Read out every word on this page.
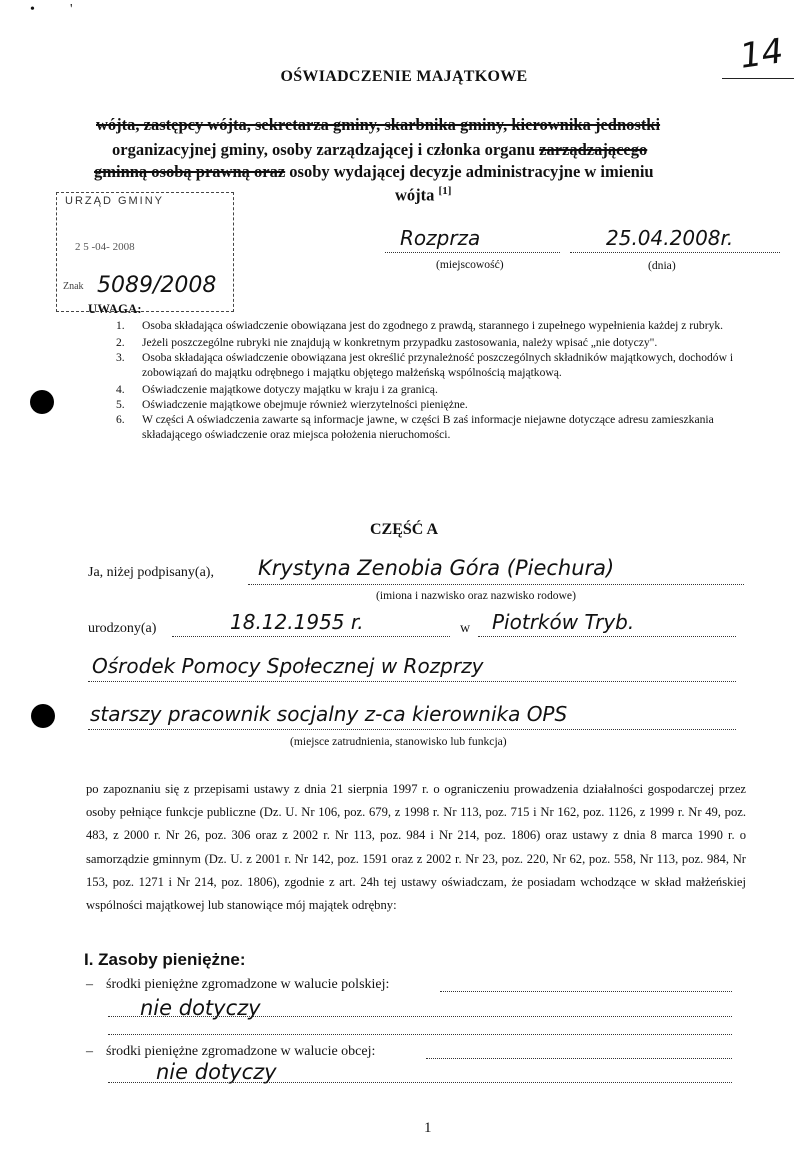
•	'
14
OŚWIADCZENIE MAJĄTKOWE
wójta, zastępcy wójta, sekretarza gminy, skarbnika gminy, kierownika jednostki
organizacyjnej gminy, osoby zarządzającej i członka organu zarządzającego
gminną osobą prawną oraz osoby wydającej decyzje administracyjne w imieniu
wójta [1]
URZĄD GMINY
2 5 -04- 2008
Znak 5089/2008
Rozprza	25.04.2008r.
(miejscowość)	(dnia)
UWAGA:
1. Osoba składająca oświadczenie obowiązana jest do zgodnego z prawdą, starannego i zupełnego wypełnienia każdej z rubryk.
2. Jeżeli poszczególne rubryki nie znajdują w konkretnym przypadku zastosowania, należy wpisać „nie dotyczy".
3. Osoba składająca oświadczenie obowiązana jest określić przynależność poszczególnych składników majątkowych, dochodów i zobowiązań do majątku odrębnego i majątku objętego małżeńską wspólnością majątkową.
4. Oświadczenie majątkowe dotyczy majątku w kraju i za granicą.
5. Oświadczenie majątkowe obejmuje również wierzytelności pieniężne.
6. W części A oświadczenia zawarte są informacje jawne, w części B zaś informacje niejawne dotyczące adresu zamieszkania składającego oświadczenie oraz miejsca położenia nieruchomości.
CZĘŚĆ A
Ja, niżej podpisany(a), Krystyna Zenobia Góra (Piechura)
(imiona i nazwisko oraz nazwisko rodowe)
urodzony(a)	18.12.1955 r.	w Piotrków Tryb.
Ośrodek Pomocy Społecznej w Rozprzy
starszy pracownik socjalny z-ca kierownika OPS
(miejsce zatrudnienia, stanowisko lub funkcja)

po zapoznaniu się z przepisami ustawy z dnia 21 sierpnia 1997 r. o ograniczeniu prowadzenia działalności gospodarczej przez osoby pełniące funkcje publiczne (Dz. U. Nr 106, poz. 679, z 1998 r. Nr 113, poz. 715 i Nr 162, poz. 1126, z 1999 r. Nr 49, poz. 483, z 2000 r. Nr 26, poz. 306 oraz z 2002 r. Nr 113, poz. 984 i Nr 214, poz. 1806) oraz ustawy z dnia 8 marca 1990 r. o samorządzie gminnym (Dz. U. z 2001 r. Nr 142, poz. 1591 oraz z 2002 r. Nr 23, poz. 220, Nr 62, poz. 558, Nr 113, poz. 984, Nr 153, poz. 1271 i Nr 214, poz. 1806), zgodnie z art. 24h tej ustawy oświadczam, że posiadam wchodzące w skład małżeńskiej wspólności majątkowej lub stanowiące mój majątek odrębny:

I. Zasoby pieniężne:
– środki pieniężne zgromadzone w walucie polskiej:
nie dotyczy
– środki pieniężne zgromadzone w walucie obcej:
nie dotyczy
1
